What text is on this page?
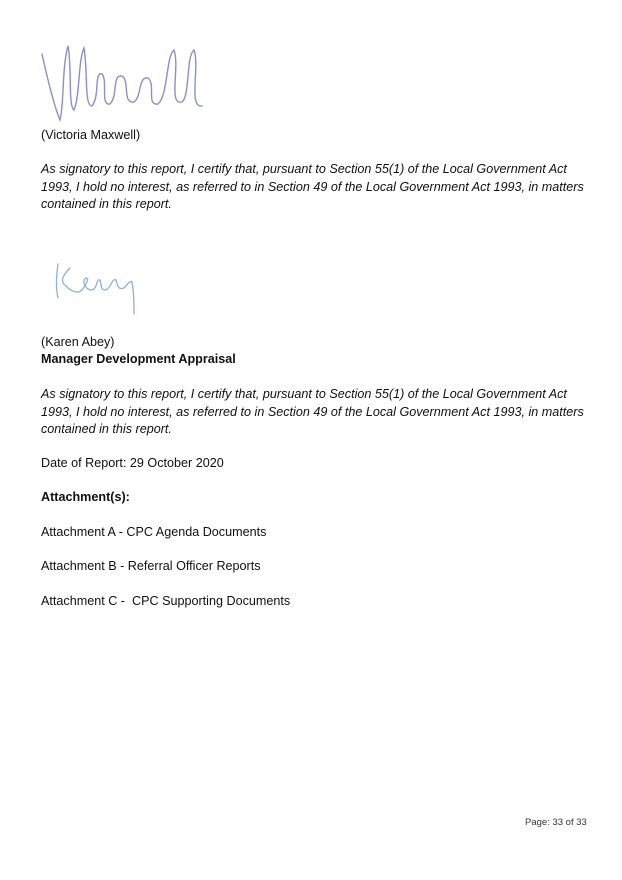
(Victoria Maxwell)
As signatory to this report, I certify that, pursuant to Section 55(1) of the Local Government Act 1993, I hold no interest, as referred to in Section 49 of the Local Government Act 1993, in matters contained in this report.
(Karen Abey)
Manager Development Appraisal
As signatory to this report, I certify that, pursuant to Section 55(1) of the Local Government Act 1993, I hold no interest, as referred to in Section 49 of the Local Government Act 1993, in matters contained in this report.
Date of Report: 29 October 2020
Attachment(s):
Attachment A - CPC Agenda Documents
Attachment B - Referral Officer Reports
Attachment C -  CPC Supporting Documents
Page: 33 of 33
